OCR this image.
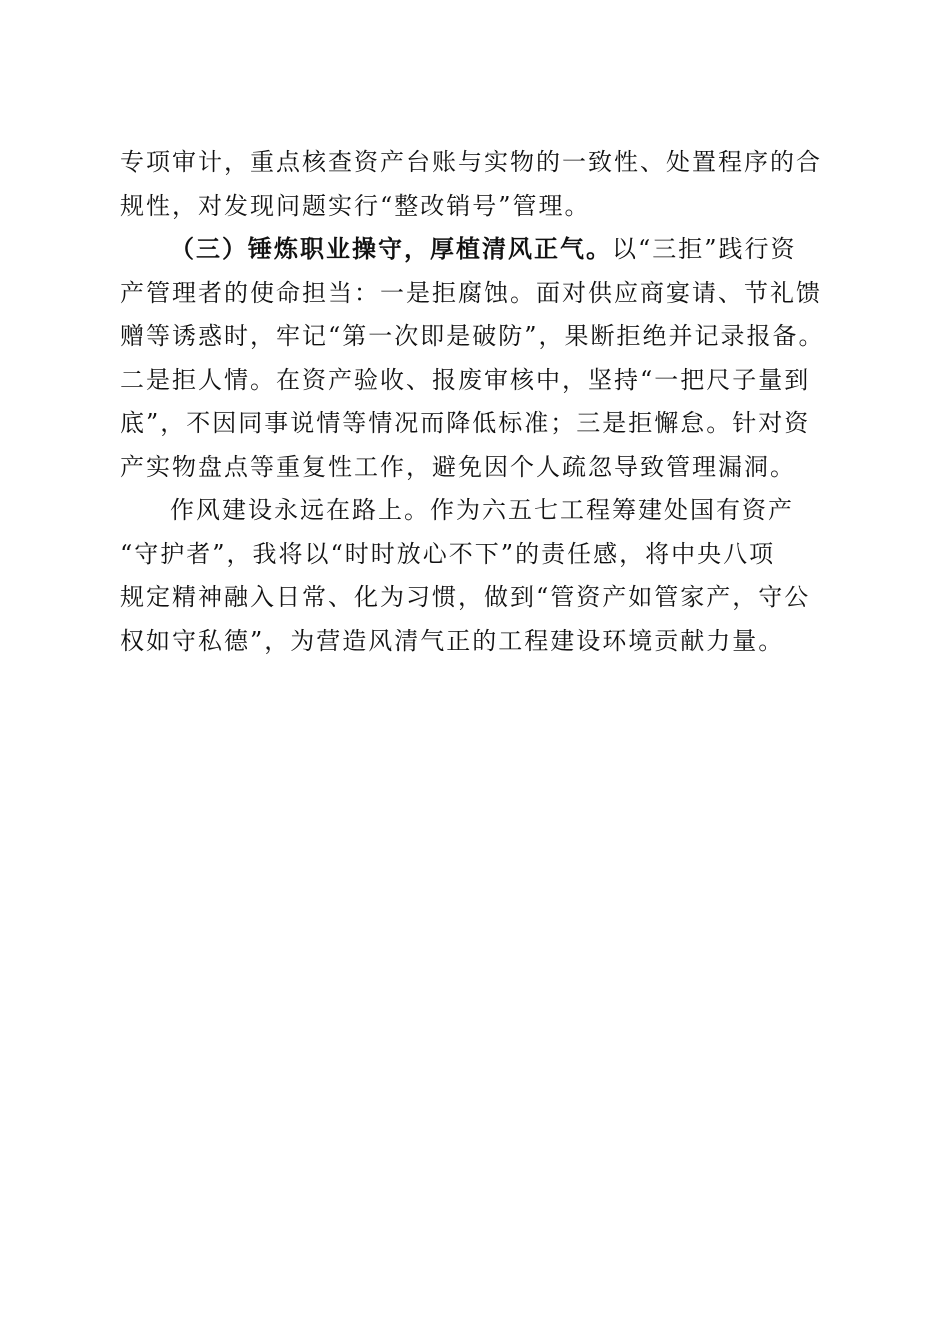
专项审计，重点核查资产台账与实物的一致性、处置程序的合
规性，对发现问题实行“整改销号”管理。
（三）锤炼职业操守，厚植清风正气。以“三拒”践行资
产管理者的使命担当：一是拒腐蚀。面对供应商宴请、节礼馈
赠等诱惑时，牢记“第一次即是破防”，果断拒绝并记录报备。
二是拒人情。在资产验收、报废审核中，坚持“一把尺子量到
底”，不因同事说情等情况而降低标准；三是拒懈怠。针对资
产实物盘点等重复性工作，避免因个人疏忽导致管理漏洞。
作风建设永远在路上。作为六五七工程筹建处国有资产
“守护者”，我将以“时时放心不下”的责任感，将中央八项
规定精神融入日常、化为习惯，做到“管资产如管家产，守公
权如守私德”，为营造风清气正的工程建设环境贡献力量。
